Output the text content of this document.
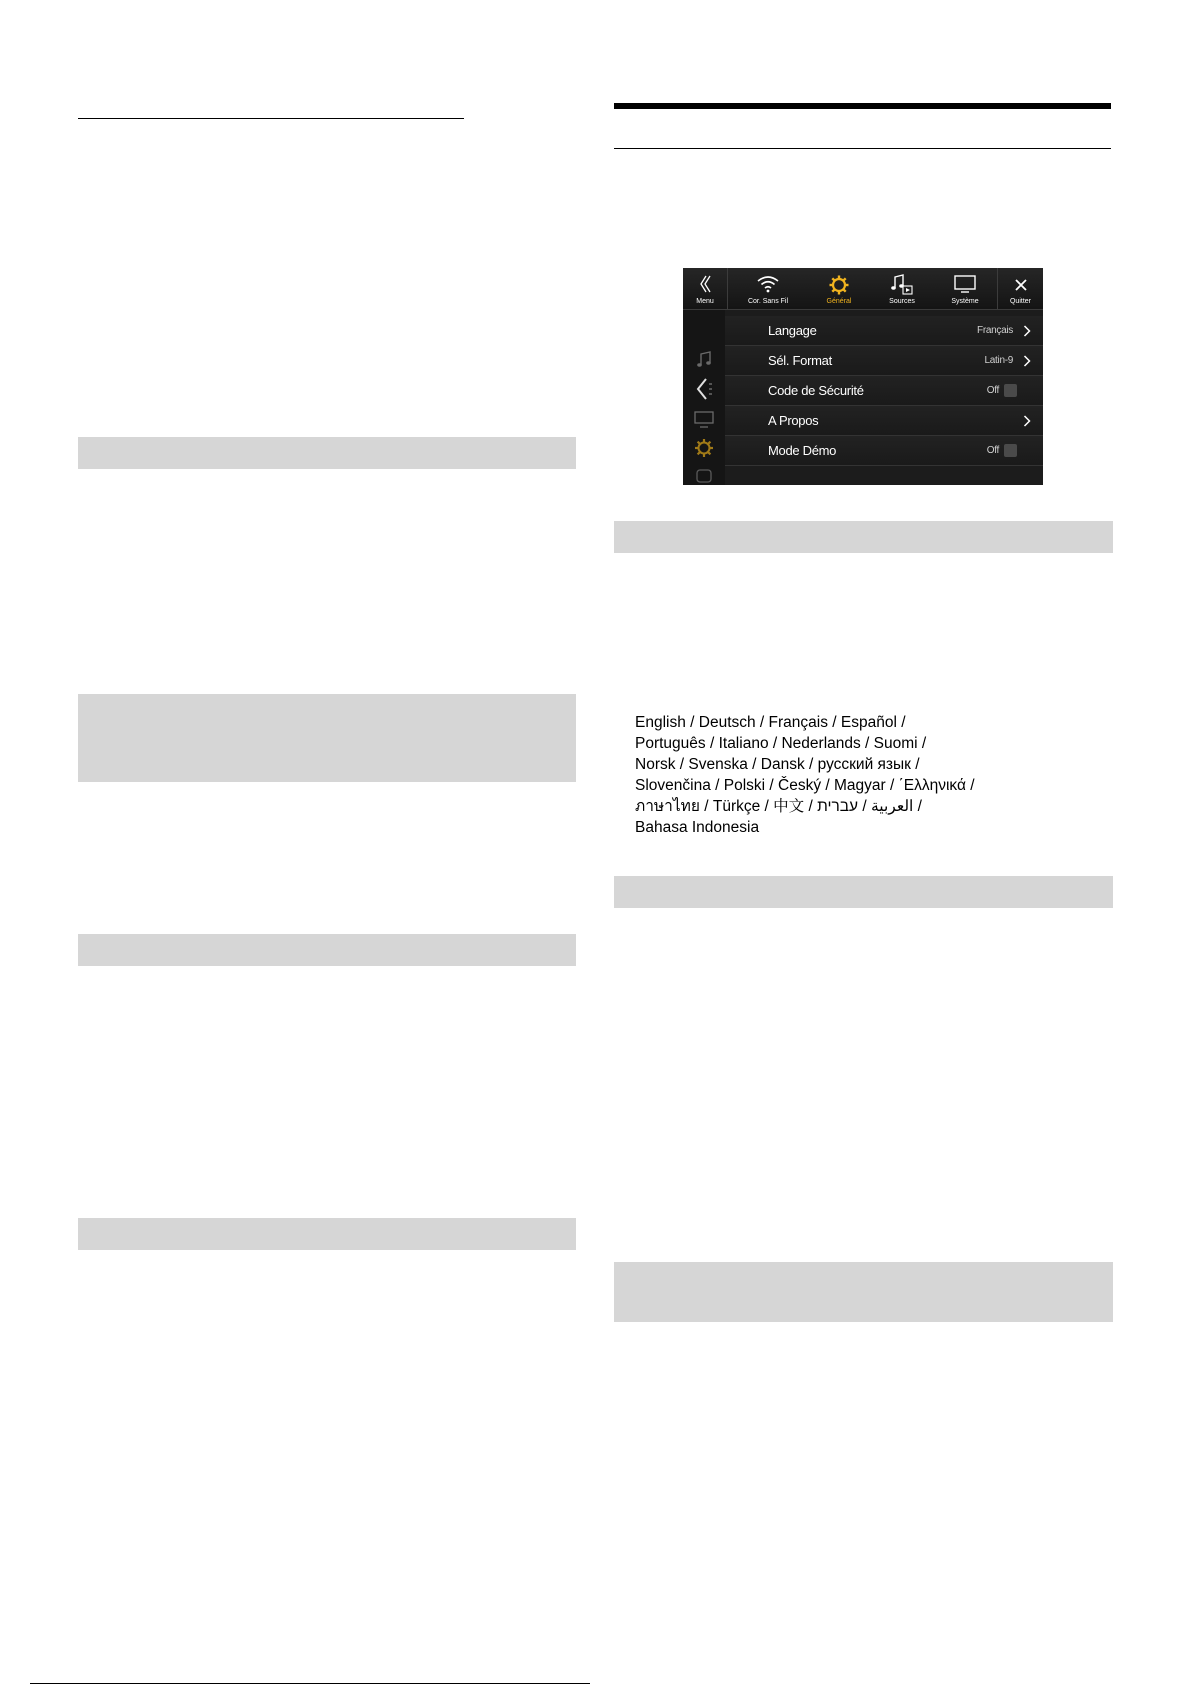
Menu	Cor. Sans Fil	Général	Sources	Système	Quitter
Langage	Français
Sél. Format	Latin-9
Code de Sécurité	Off
A Propos
Mode Démo	Off
English / Deutsch / Français / Español /
Português / Italiano / Nederlands / Suomi /
Norsk / Svenska / Dansk / русский язык /
Slovenčina / Polski / Český / Magyar / ΄Ελληνικά /
ภาษาไทย / Türkçe / 中文 / العربية / עברית /
Bahasa Indonesia
